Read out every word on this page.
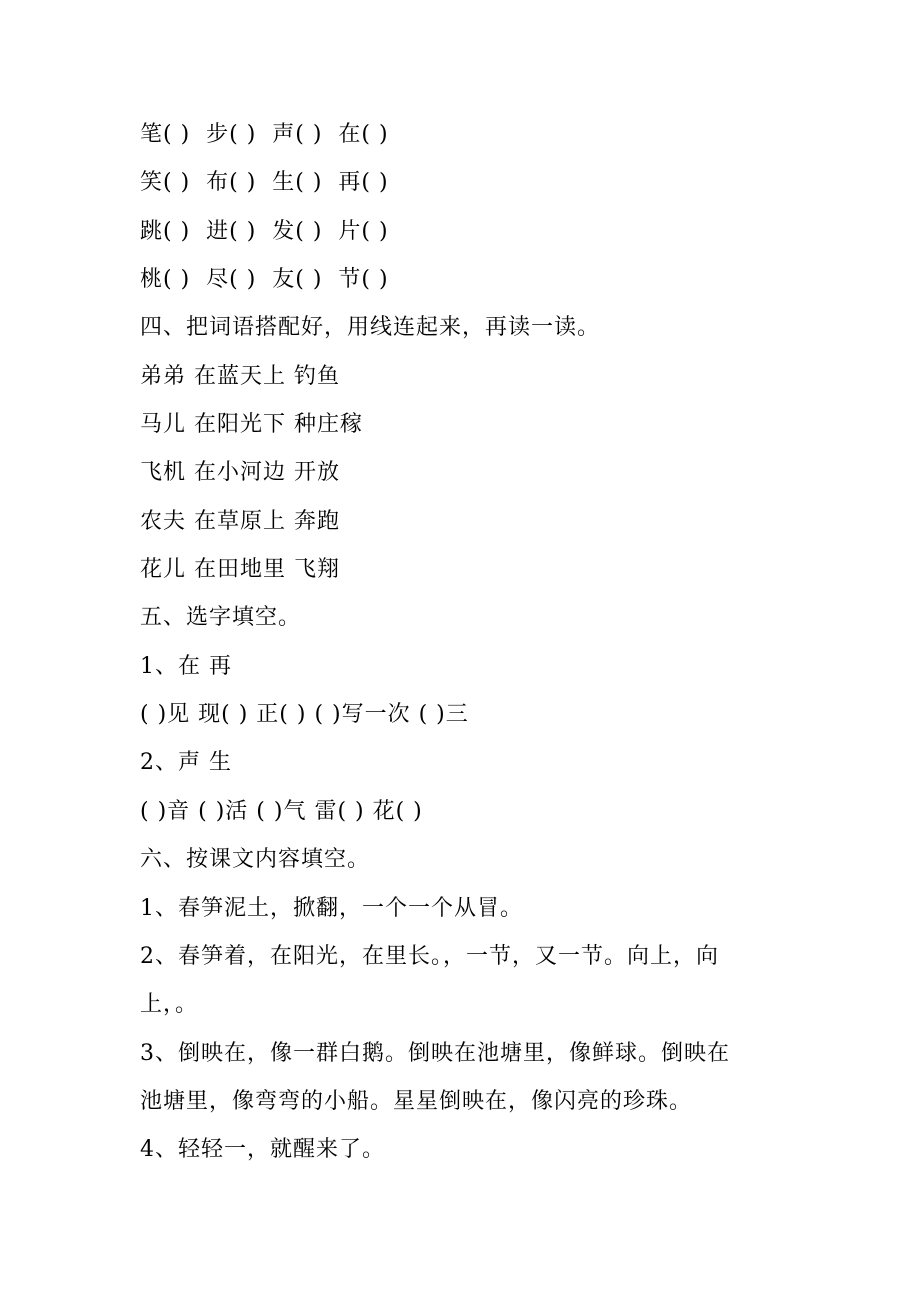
笔( )  步( )  声( )  在( )
笑( )  布( )  生( )  再( )
跳( )  进( )  发( )  片( )
桃( )  尽( )  友( )  节( )
四、把词语搭配好，用线连起来，再读一读。
弟弟 在蓝天上 钓鱼
马儿 在阳光下 种庄稼
飞机 在小河边 开放
农夫 在草原上 奔跑
花儿 在田地里 飞翔
五、选字填空。
1、在 再
( )见 现( ) 正( ) ( )写一次 ( )三
2、声 生
( )音 ( )活 ( )气 雷( ) 花( )
六、按课文内容填空。
1、春笋泥土，掀翻，一个一个从冒。
2、春笋着，在阳光，在里长。，一节，又一节。向上，向
上，。
3、倒映在，像一群白鹅。倒映在池塘里，像鲜球。倒映在
池塘里，像弯弯的小船。星星倒映在，像闪亮的珍珠。
4、轻轻一，就醒来了。
